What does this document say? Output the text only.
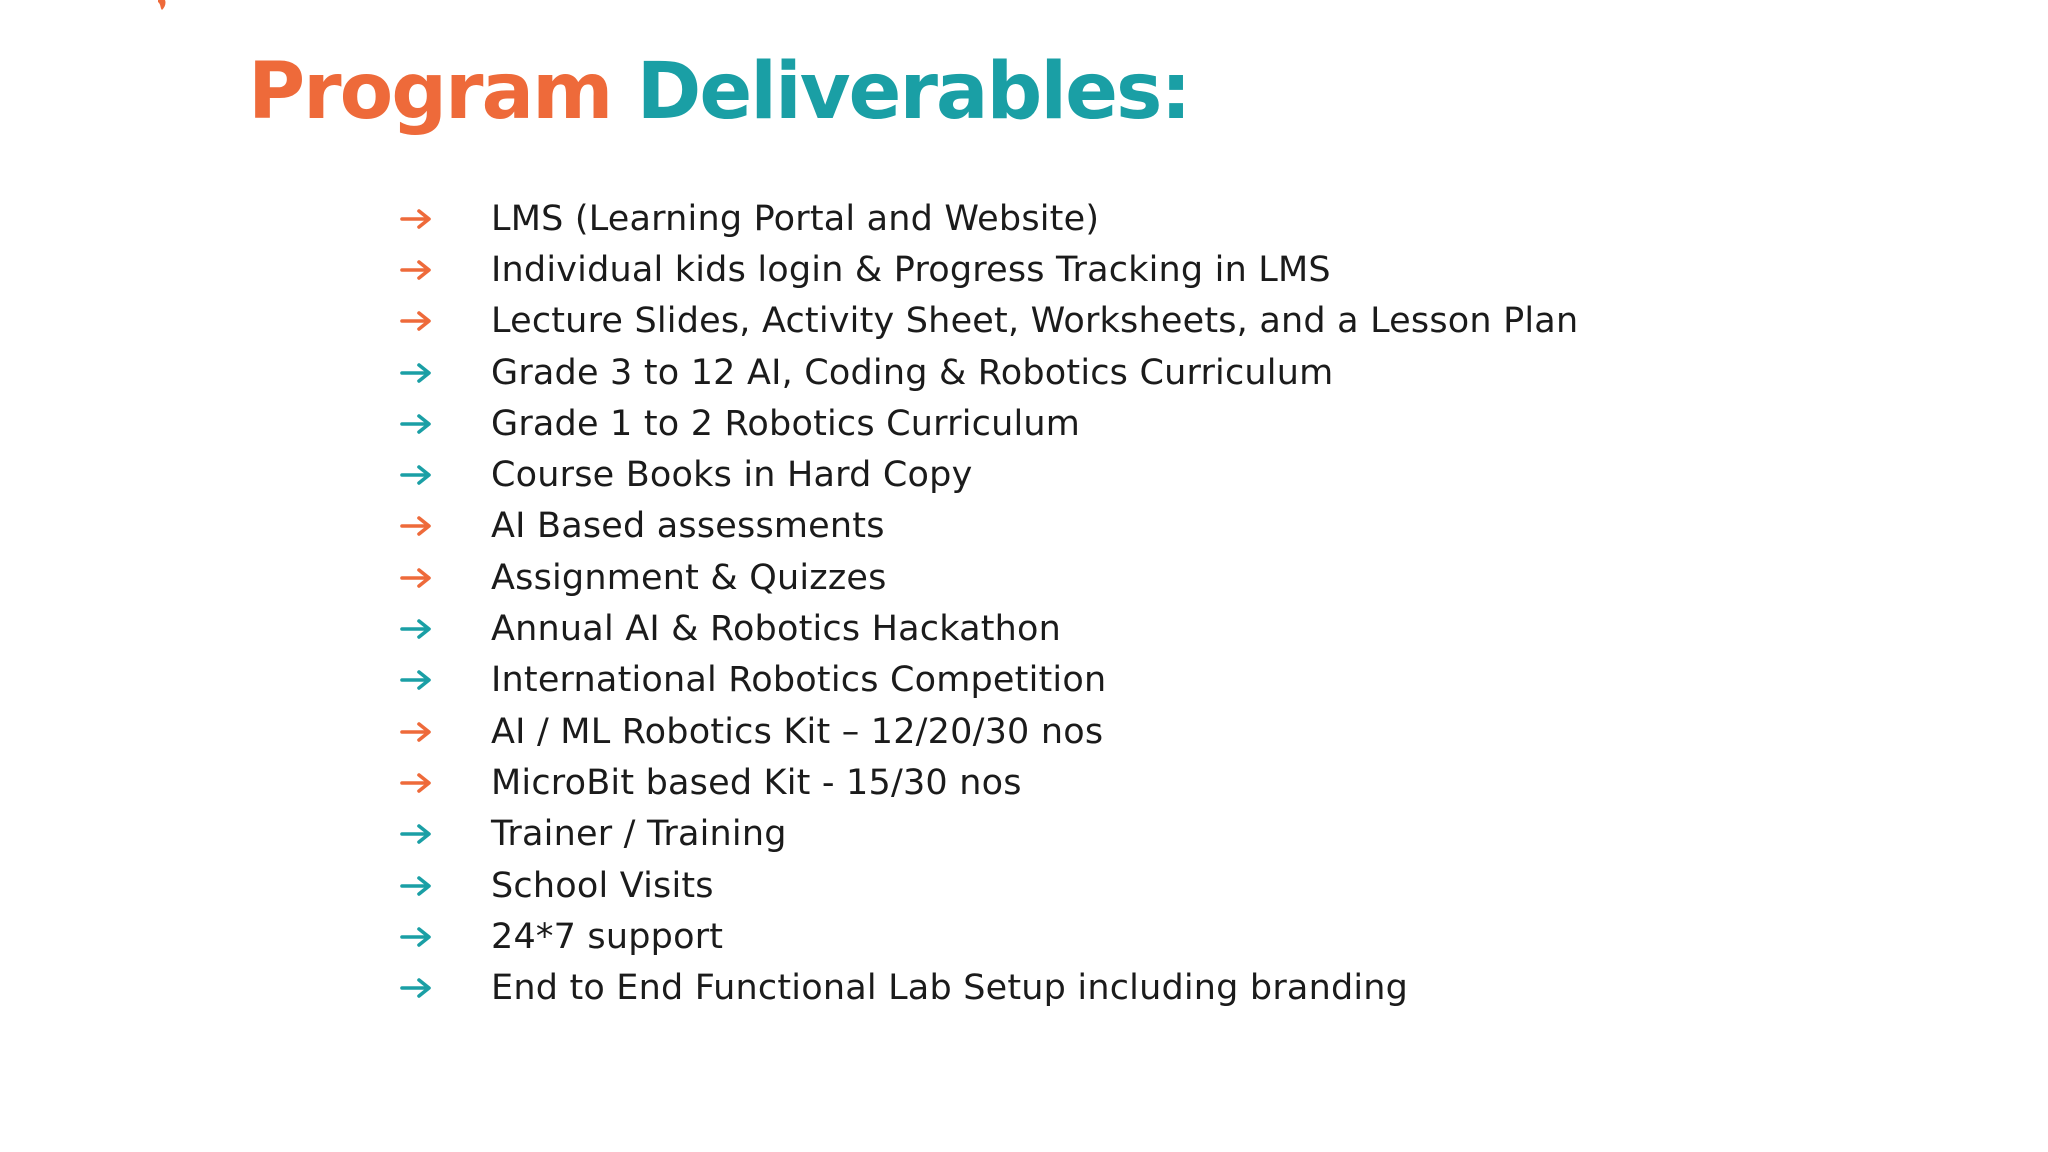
Program Deliverables:
LMS (Learning Portal and Website)
Individual kids login & Progress Tracking in LMS
Lecture Slides, Activity Sheet, Worksheets, and a Lesson Plan
Grade 3 to 12 AI, Coding & Robotics Curriculum
Grade 1 to 2 Robotics Curriculum
Course Books in Hard Copy
AI Based assessments
Assignment & Quizzes
Annual AI & Robotics Hackathon
International Robotics Competition
AI / ML Robotics Kit – 12/20/30 nos
MicroBit based Kit - 15/30 nos
Trainer / Training
School Visits
24*7 support
End to End Functional Lab Setup including branding
